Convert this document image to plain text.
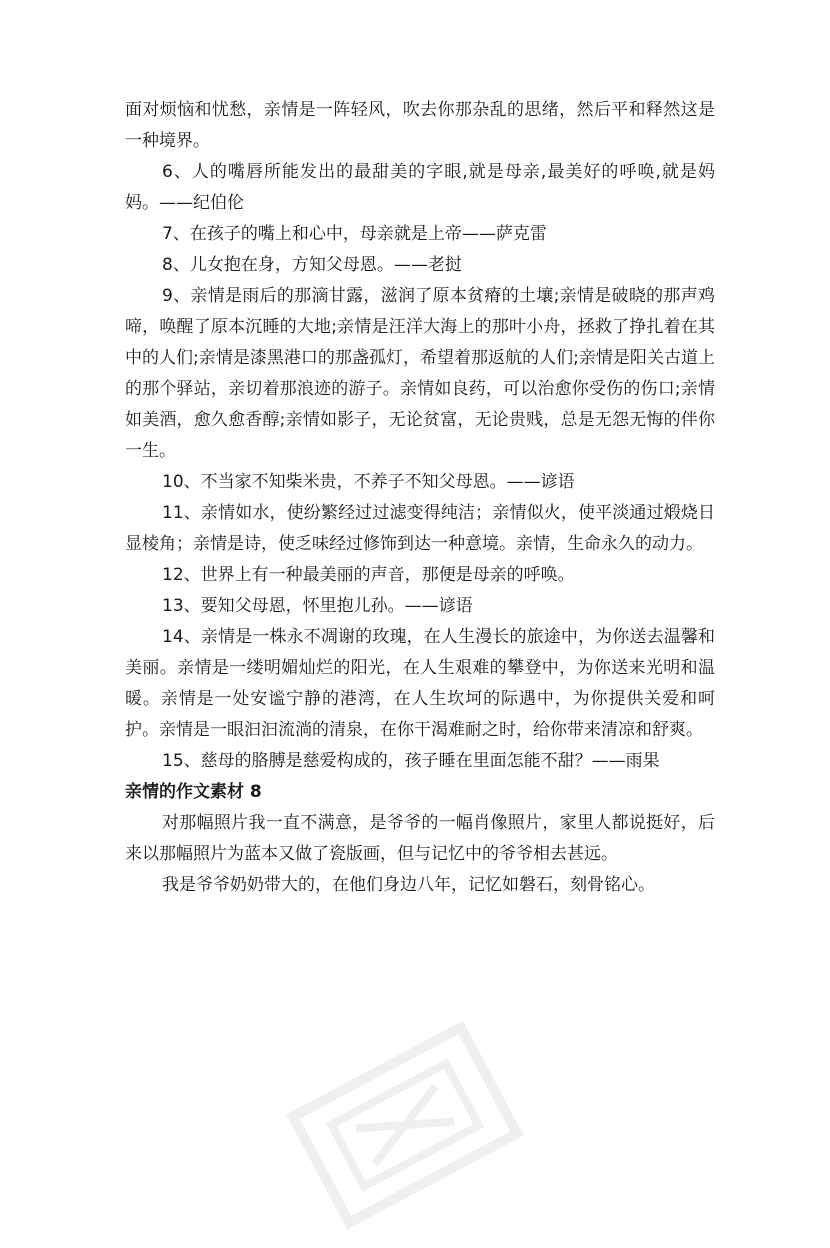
面对烦恼和忧愁，亲情是一阵轻风，吹去你那杂乱的思绪，然后平和释然这是一种境界。

6、人的嘴唇所能发出的最甜美的字眼,就是母亲,最美好的呼唤,就是妈妈。——纪伯伦

7、在孩子的嘴上和心中，母亲就是上帝——萨克雷

8、儿女抱在身，方知父母恩。——老挝

9、亲情是雨后的那滴甘露，滋润了原本贫瘠的土壤;亲情是破晓的那声鸡啼，唤醒了原本沉睡的大地;亲情是汪洋大海上的那叶小舟，拯救了挣扎着在其中的人们;亲情是漆黑港口的那盏孤灯，希望着那返航的人们;亲情是阳关古道上的那个驿站，亲切着那浪迹的游子。亲情如良药，可以治愈你受伤的伤口;亲情如美酒，愈久愈香醇;亲情如影子，无论贫富，无论贵贱，总是无怨无悔的伴你一生。

10、不当家不知柴米贵，不养子不知父母恩。——谚语

11、亲情如水，使纷繁经过过滤变得纯洁；亲情似火，使平淡通过煅烧日显棱角；亲情是诗，使乏味经过修饰到达一种意境。亲情，生命永久的动力。

12、世界上有一种最美丽的声音，那便是母亲的呼唤。

13、要知父母恩，怀里抱儿孙。——谚语

14、亲情是一株永不凋谢的玫瑰，在人生漫长的旅途中，为你送去温馨和美丽。亲情是一缕明媚灿烂的阳光，在人生艰难的攀登中，为你送来光明和温暖。亲情是一处安谧宁静的港湾，在人生坎坷的际遇中，为你提供关爱和呵护。亲情是一眼汩汩流淌的清泉，在你干渴难耐之时，给你带来清凉和舒爽。

15、慈母的胳膊是慈爱构成的，孩子睡在里面怎能不甜？——雨果

亲情的作文素材 8

对那幅照片我一直不满意，是爷爷的一幅肖像照片，家里人都说挺好，后来以那幅照片为蓝本又做了瓷版画，但与记忆中的爷爷相去甚远。

我是爷爷奶奶带大的，在他们身边八年，记忆如磐石，刻骨铭心。
